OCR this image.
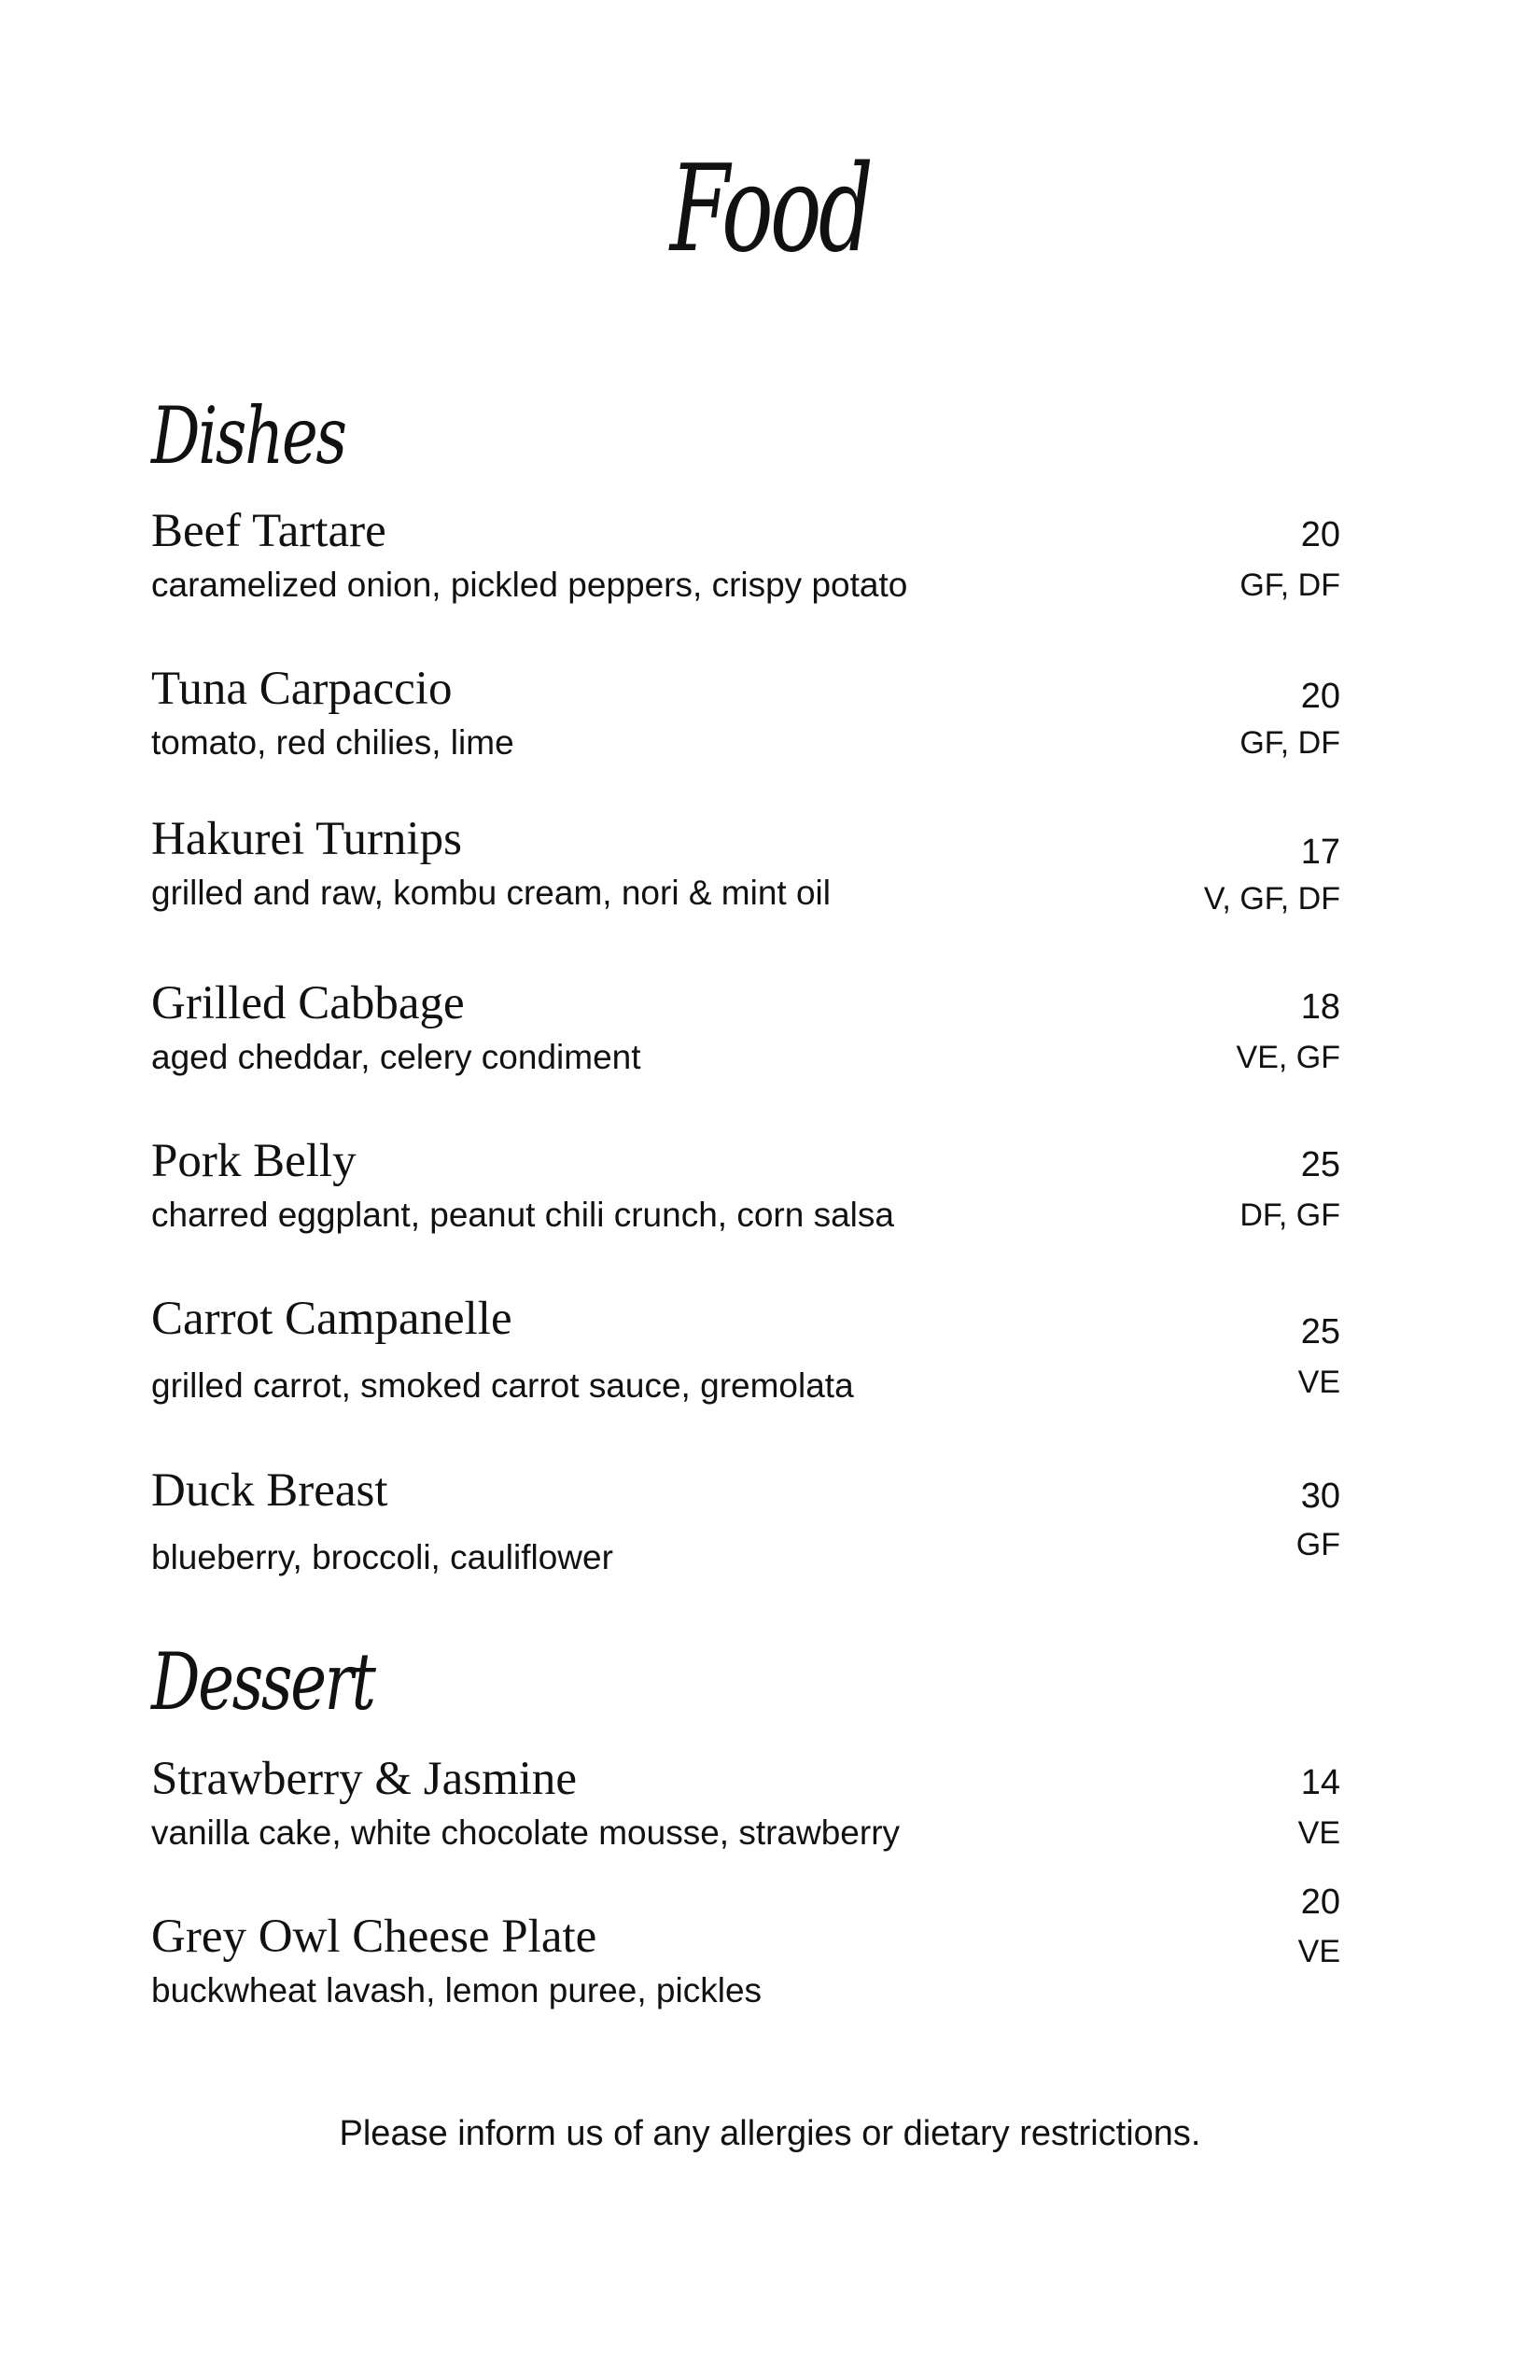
Food
Dishes
Beef Tartare
caramelized onion, pickled peppers, crispy potato
20
GF, DF
Tuna Carpaccio
tomato, red chilies, lime
20
GF, DF
Hakurei Turnips
grilled and raw, kombu cream, nori & mint oil
17
V, GF, DF
Grilled Cabbage
aged cheddar, celery condiment
18
VE, GF
Pork Belly
charred eggplant, peanut chili crunch, corn salsa
25
DF, GF
Carrot Campanelle
grilled carrot, smoked carrot sauce, gremolata
25
VE
Duck Breast
blueberry, broccoli, cauliflower
30
GF
Dessert
Strawberry & Jasmine
vanilla cake, white chocolate mousse, strawberry
14
VE
Grey Owl Cheese Plate
buckwheat lavash, lemon puree, pickles
20
VE
Please inform us of any allergies or dietary restrictions.
